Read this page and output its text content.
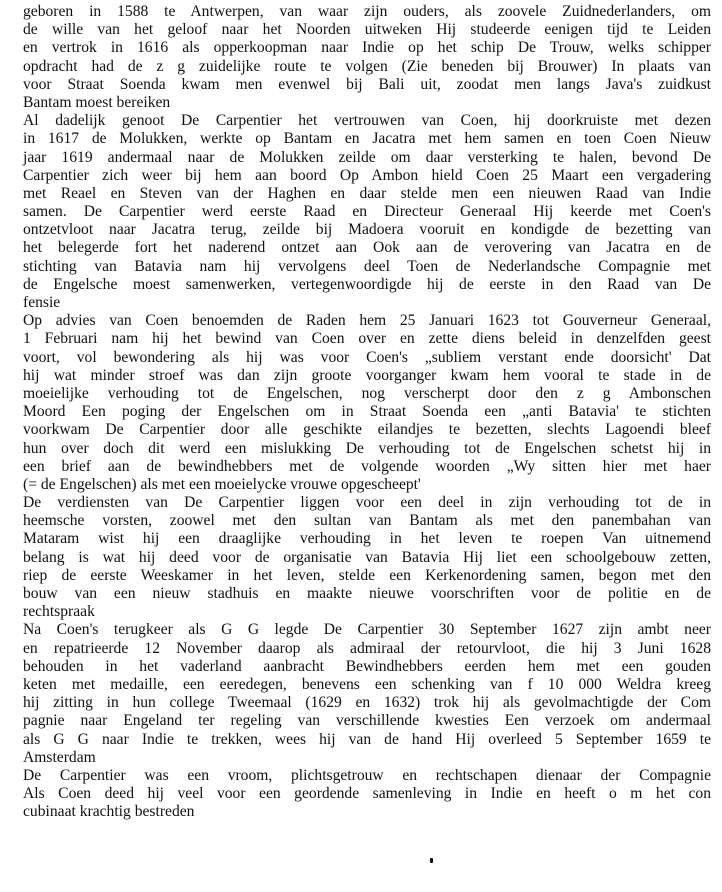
geboren in 1588 te Antwerpen, van waar zijn ouders, als zoovele Zuidnederlanders, om
de wille van het geloof naar het Noorden uitweken Hij studeerde eenigen tijd te Leiden
en vertrok in 1616 als opperkoopman naar Indie op het schip De Trouw, welks schipper
opdracht had de z g zuidelijke route te volgen (Zie beneden bij Brouwer) In plaats van
voor Straat Soenda kwam men evenwel bij Bali uit, zoodat men langs Java's zuidkust
Bantam moest bereiken
Al dadelijk genoot De Carpentier het vertrouwen van Coen, hij doorkruiste met dezen
in 1617 de Molukken, werkte op Bantam en Jacatra met hem samen en toen Coen Nieuw
jaar 1619 andermaal naar de Molukken zeilde om daar versterking te halen, bevond De
Carpentier zich weer bij hem aan boord Op Ambon hield Coen 25 Maart een vergadering
met Reael en Steven van der Haghen en daar stelde men een nieuwen Raad van Indie
samen. De Carpentier werd eerste Raad en Directeur Generaal Hij keerde met Coen's
ontzetvloot naar Jacatra terug, zeilde bij Madoera vooruit en kondigde de bezetting van
het belegerde fort het naderend ontzet aan Ook aan de verovering van Jacatra en de
stichting van Batavia nam hij vervolgens deel Toen de Nederlandsche Compagnie met
de Engelsche moest samenwerken, vertegenwoordigde hij de eerste in den Raad van De
fensie
Op advies van Coen benoemden de Raden hem 25 Januari 1623 tot Gouverneur Generaal,
1 Februari nam hij het bewind van Coen over en zette diens beleid in denzelfden geest
voort, vol bewondering als hij was voor Coen's „subliem verstant ende doorsicht' Dat
hij wat minder stroef was dan zijn groote voorganger kwam hem vooral te stade in de
moeielijke verhouding tot de Engelschen, nog verscherpt door den z g Ambonschen
Moord Een poging der Engelschen om in Straat Soenda een „anti Batavia' te stichten
voorkwam De Carpentier door alle geschikte eilandjes te bezetten, slechts Lagoendi bleef
hun over doch dit werd een mislukking De verhouding tot de Engelschen schetst hij in
een brief aan de bewindhebbers met de volgende woorden „Wy sitten hier met haer
(= de Engelschen) als met een moeielycke vrouwe opgescheept'
De verdiensten van De Carpentier liggen voor een deel in zijn verhouding tot de in
heemsche vorsten, zoowel met den sultan van Bantam als met den panembahan van
Mataram wist hij een draaglijke verhouding in het leven te roepen Van uitnemend
belang is wat hij deed voor de organisatie van Batavia Hij liet een schoolgebouw zetten,
riep de eerste Weeskamer in het leven, stelde een Kerkenordening samen, begon met den
bouw van een nieuw stadhuis en maakte nieuwe voorschriften voor de politie en de
rechtspraak
Na Coen's terugkeer als G G legde De Carpentier 30 September 1627 zijn ambt neer
en repatrieerde 12 November daarop als admiraal der retourvloot, die hij 3 Juni 1628
behouden in het vaderland aanbracht Bewindhebbers eerden hem met een gouden
keten met medaille, een eeredegen, benevens een schenking van f 10 000 Weldra kreeg
hij zitting in hun college Tweemaal (1629 en 1632) trok hij als gevolmachtigde der Com
pagnie naar Engeland ter regeling van verschillende kwesties Een verzoek om andermaal
als G G naar Indie te trekken, wees hij van de hand Hij overleed 5 September 1659 te
Amsterdam
De Carpentier was een vroom, plichtsgetrouw en rechtschapen dienaar der Compagnie
Als Coen deed hij veel voor een geordende samenleving in Indie en heeft o m het con
cubinaat krachtig bestreden
